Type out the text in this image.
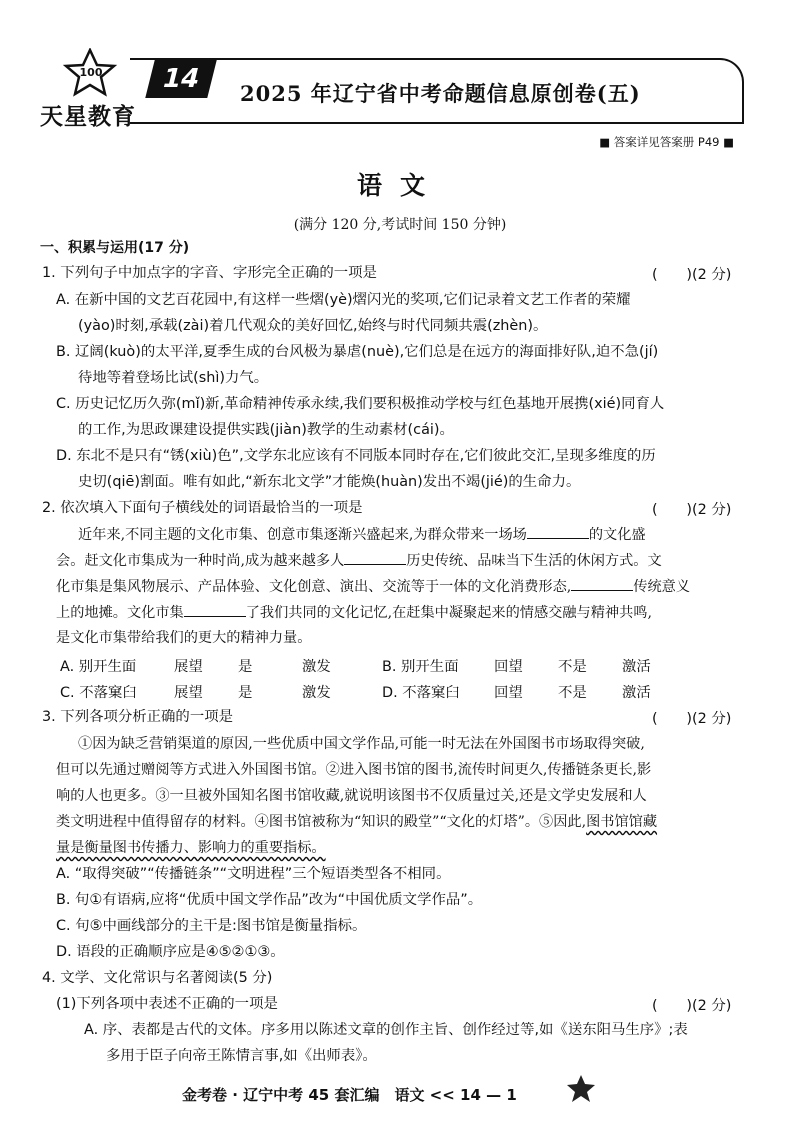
100
天星教育
14	2025 年辽宁省中考命题信息原创卷(五)
■ 答案详见答案册 P49 ■
语文
(满分 120 分,考试时间 150 分钟)
一、积累与运用(17 分)
1. 下列句子中加点字的字音、字形完全正确的一项是	(　　)(2 分)
A. 在新中国的文艺百花园中,有这样一些熠(yè)熠闪光的奖项,它们记录着文艺工作者的荣耀
(yào)时刻,承载(zài)着几代观众的美好回忆,始终与时代同频共震(zhèn)。
B. 辽阔(kuò)的太平洋,夏季生成的台风极为暴虐(nuè),它们总是在远方的海面排好队,迫不急(jí)
待地等着登场比试(shì)力气。
C. 历史记忆历久弥(mǐ)新,革命精神传承永续,我们要积极推动学校与红色基地开展携(xié)同育人
的工作,为思政课建设提供实践(jiàn)教学的生动素材(cái)。
D. 东北不是只有“锈(xiù)色”,文学东北应该有不同版本同时存在,它们彼此交汇,呈现多维度的历
史切(qiē)割面。唯有如此,“新东北文学”才能焕(huàn)发出不竭(jié)的生命力。
2. 依次填入下面句子横线处的词语最恰当的一项是	(　　)(2 分)
近年来,不同主题的文化市集、创意市集逐渐兴盛起来,为群众带来一场场	的文化盛
会。赶文化市集成为一种时尚,成为越来越多人	历史传统、品味当下生活的休闲方式。文
化市集是集风物展示、产品体验、文化创意、演出、交流等于一体的文化消费形态,	传统意义
上的地摊。文化市集	了我们共同的文化记忆,在赶集中凝聚起来的情感交融与精神共鸣,
是文化市集带给我们的更大的精神力量。
A. 别开生面	展望 是	激发	B. 别开生面 回望 不是 激活
C. 不落窠臼	展望 是	激发	D. 不落窠臼 回望 不是 激活
3. 下列各项分析正确的一项是	(　　)(2 分)
①因为缺乏营销渠道的原因,一些优质中国文学作品,可能一时无法在外国图书市场取得突破,
但可以先通过赠阅等方式进入外国图书馆。②进入图书馆的图书,流传时间更久,传播链条更长,影
响的人也更多。③一旦被外国知名图书馆收藏,就说明该图书不仅质量过关,还是文学史发展和人
类文明进程中值得留存的材料。④图书馆被称为“知识的殿堂”“文化的灯塔”。⑤因此,图书馆馆藏
量是衡量图书传播力、影响力的重要指标。
A. “取得突破”“传播链条”“文明进程”三个短语类型各不相同。
B. 句①有语病,应将“优质中国文学作品”改为“中国优质文学作品”。
C. 句⑤中画线部分的主干是:图书馆是衡量指标。
D. 语段的正确顺序应是④⑤②①③。
4. 文学、文化常识与名著阅读(5 分)
(1)下列各项中表述不正确的一项是	(　　)(2 分)
A. 序、表都是古代的文体。序多用以陈述文章的创作主旨、创作经过等,如《送东阳马生序》;表
多用于臣子向帝王陈情言事,如《出师表》。
金考卷 · 辽宁中考 45 套汇编　语文 << 14 — 1
